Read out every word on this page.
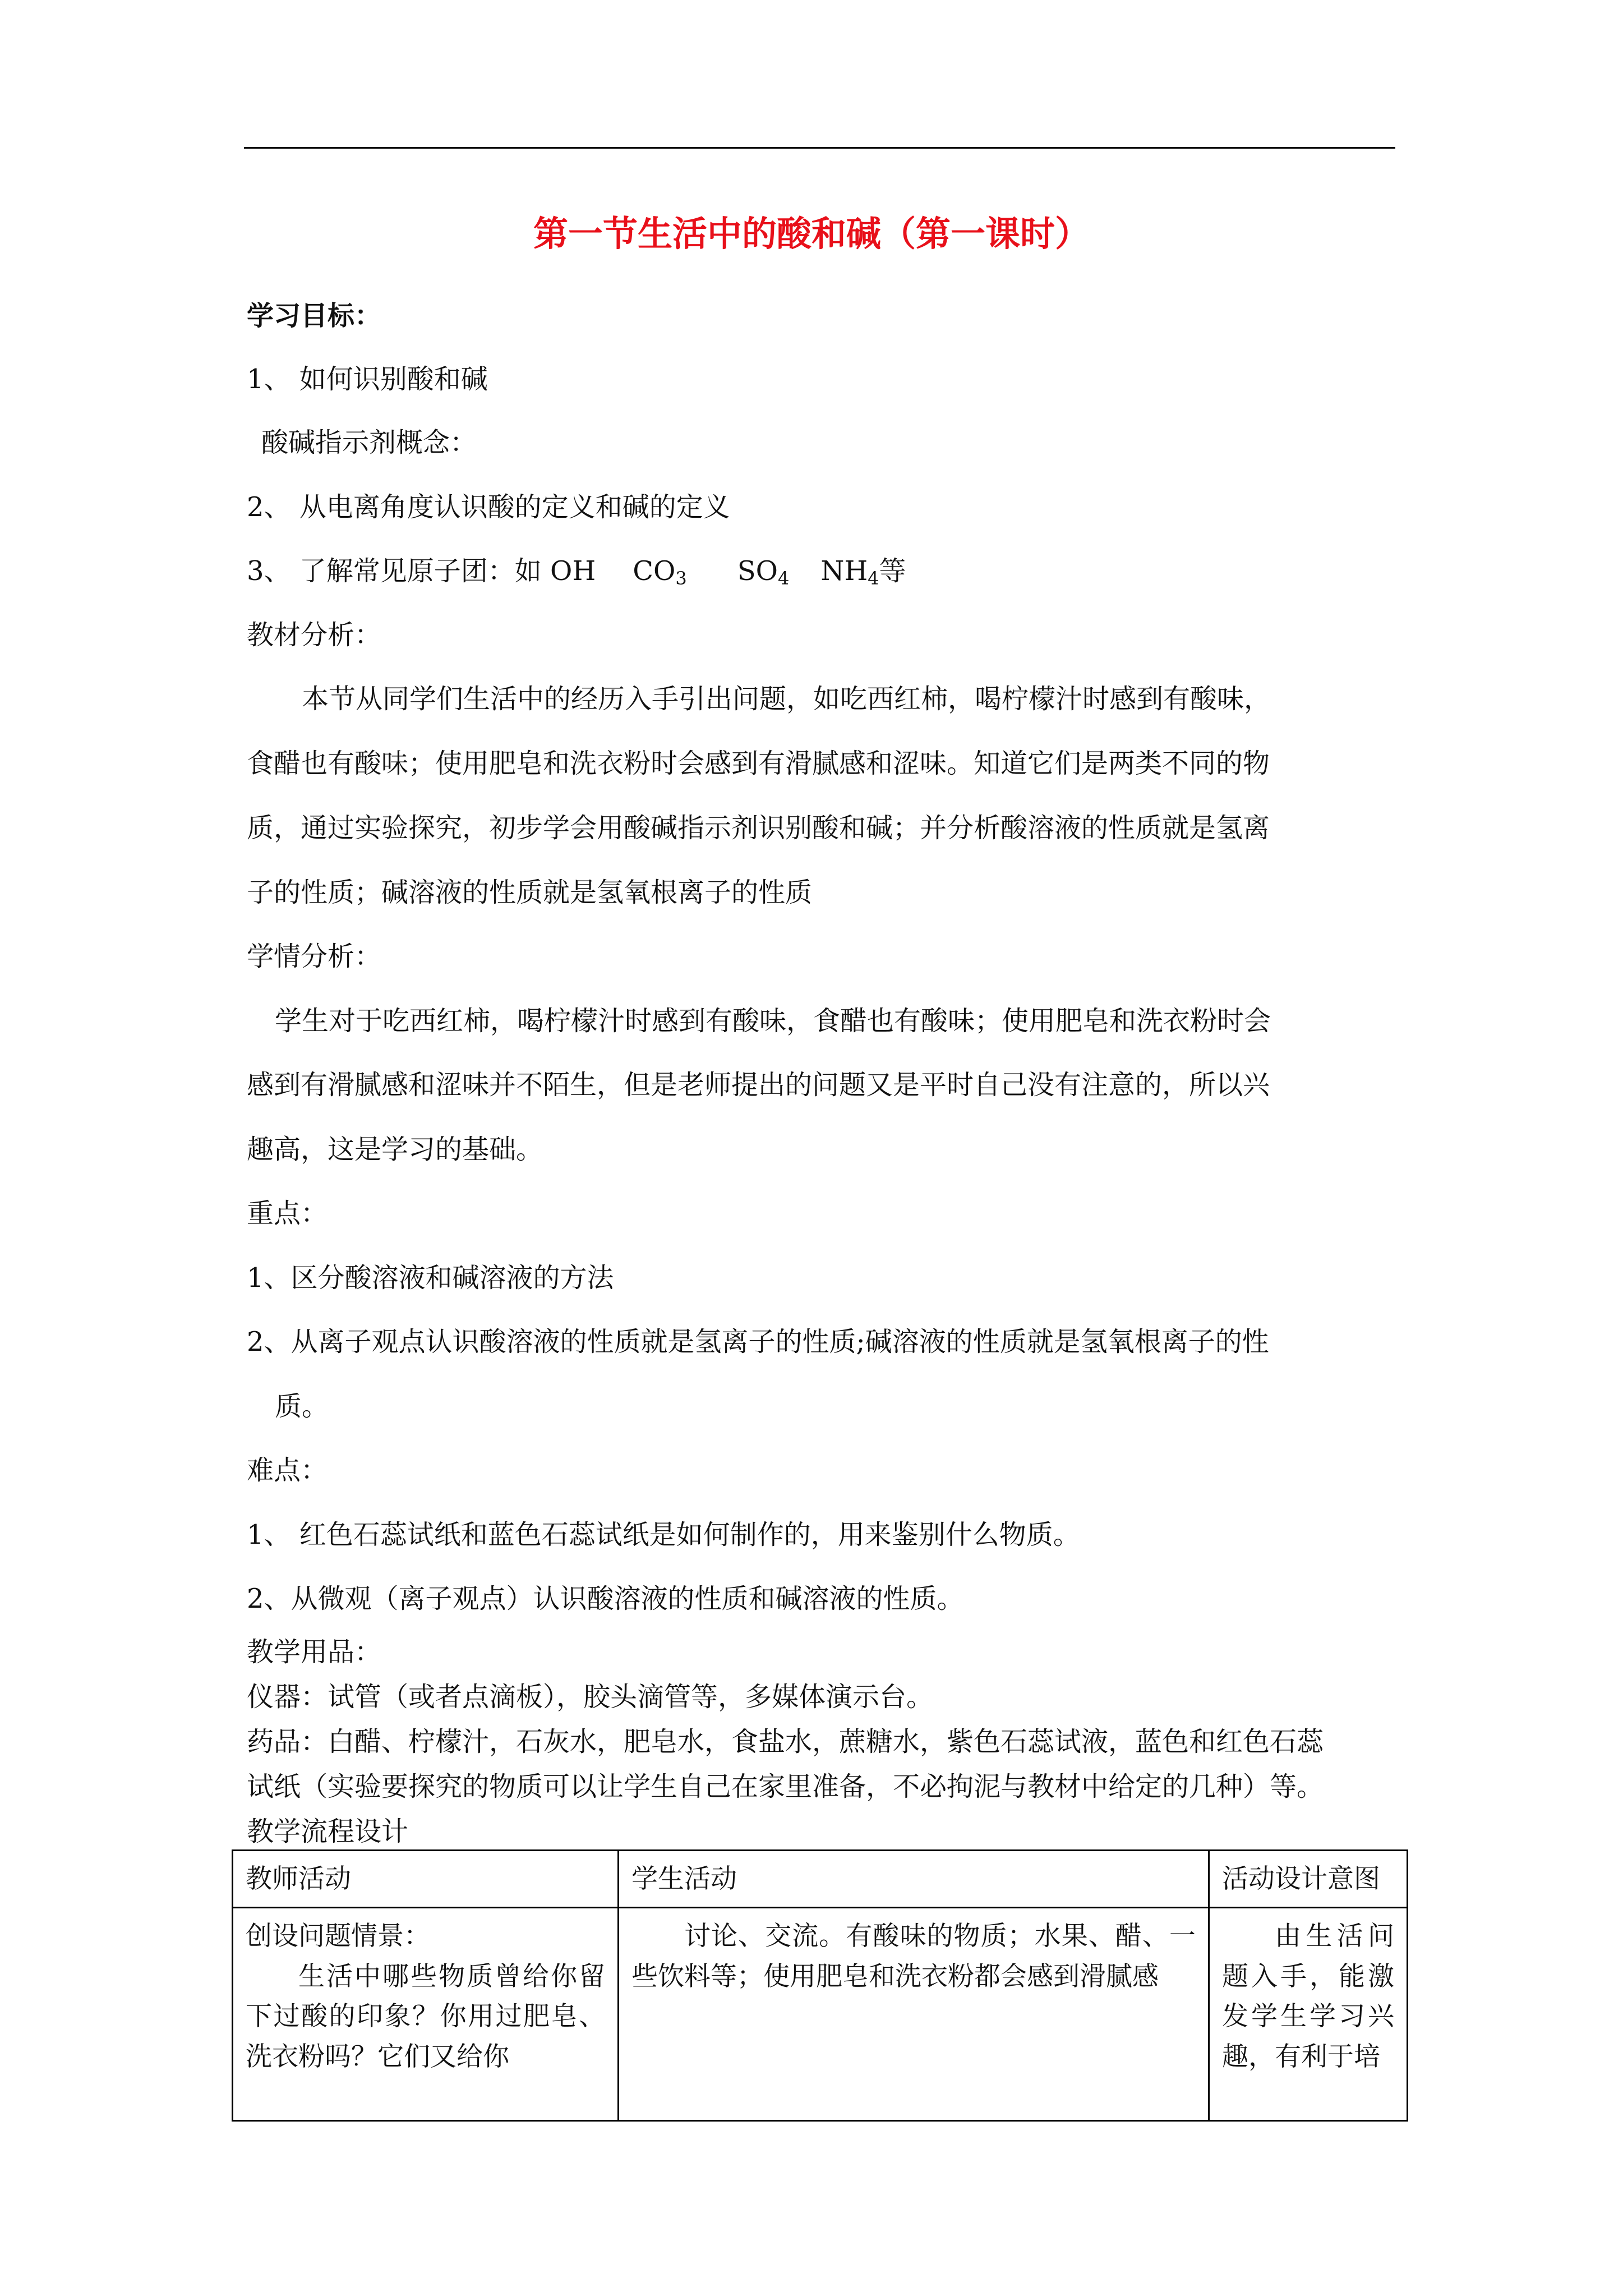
第一节生活中的酸和碱（第一课时）
学习目标：
1、 如何识别酸和碱
酸碱指示剂概念：
2、 从电离角度认识酸的定义和碱的定义
3、 了解常见原子团：如 OH $CO_3$ $SO_4$ $NH_4$等
教材分析：
本节从同学们生活中的经历入手引出问题，如吃西红柿，喝柠檬汁时感到有酸味，
食醋也有酸味；使用肥皂和洗衣粉时会感到有滑腻感和涩味。知道它们是两类不同的物
质，通过实验探究，初步学会用酸碱指示剂识别酸和碱；并分析酸溶液的性质就是氢离
子的性质；碱溶液的性质就是氢氧根离子的性质
学情分析：
学生对于吃西红柿，喝柠檬汁时感到有酸味，食醋也有酸味；使用肥皂和洗衣粉时会
感到有滑腻感和涩味并不陌生，但是老师提出的问题又是平时自己没有注意的，所以兴
趣高，这是学习的基础。
重点：
1、区分酸溶液和碱溶液的方法
2、从离子观点认识酸溶液的性质就是氢离子的性质;碱溶液的性质就是氢氧根离子的性
质。
难点：
1、 红色石蕊试纸和蓝色石蕊试纸是如何制作的，用来鉴别什么物质。
2、从微观（离子观点）认识酸溶液的性质和碱溶液的性质。
教学用品：
仪器：试管（或者点滴板），胶头滴管等，多媒体演示台。
药品：白醋、柠檬汁，石灰水，肥皂水，食盐水，蔗糖水，紫色石蕊试液，蓝色和红色石蕊
试纸（实验要探究的物质可以让学生自己在家里准备，不必拘泥与教材中给定的几种）等。
教学流程设计
教师活动	学生活动	活动设计意图

创设问题情景：
生活中哪些物质曾给你留下过酸的印象？你用过肥皂、洗衣粉吗？它们又给你	讨论、交流。有酸味的物质；水果、醋、一些饮料等；使用肥皂和洗衣粉都会感到滑腻感	由生活问题入手，能激发学生学习兴趣，有利于培
